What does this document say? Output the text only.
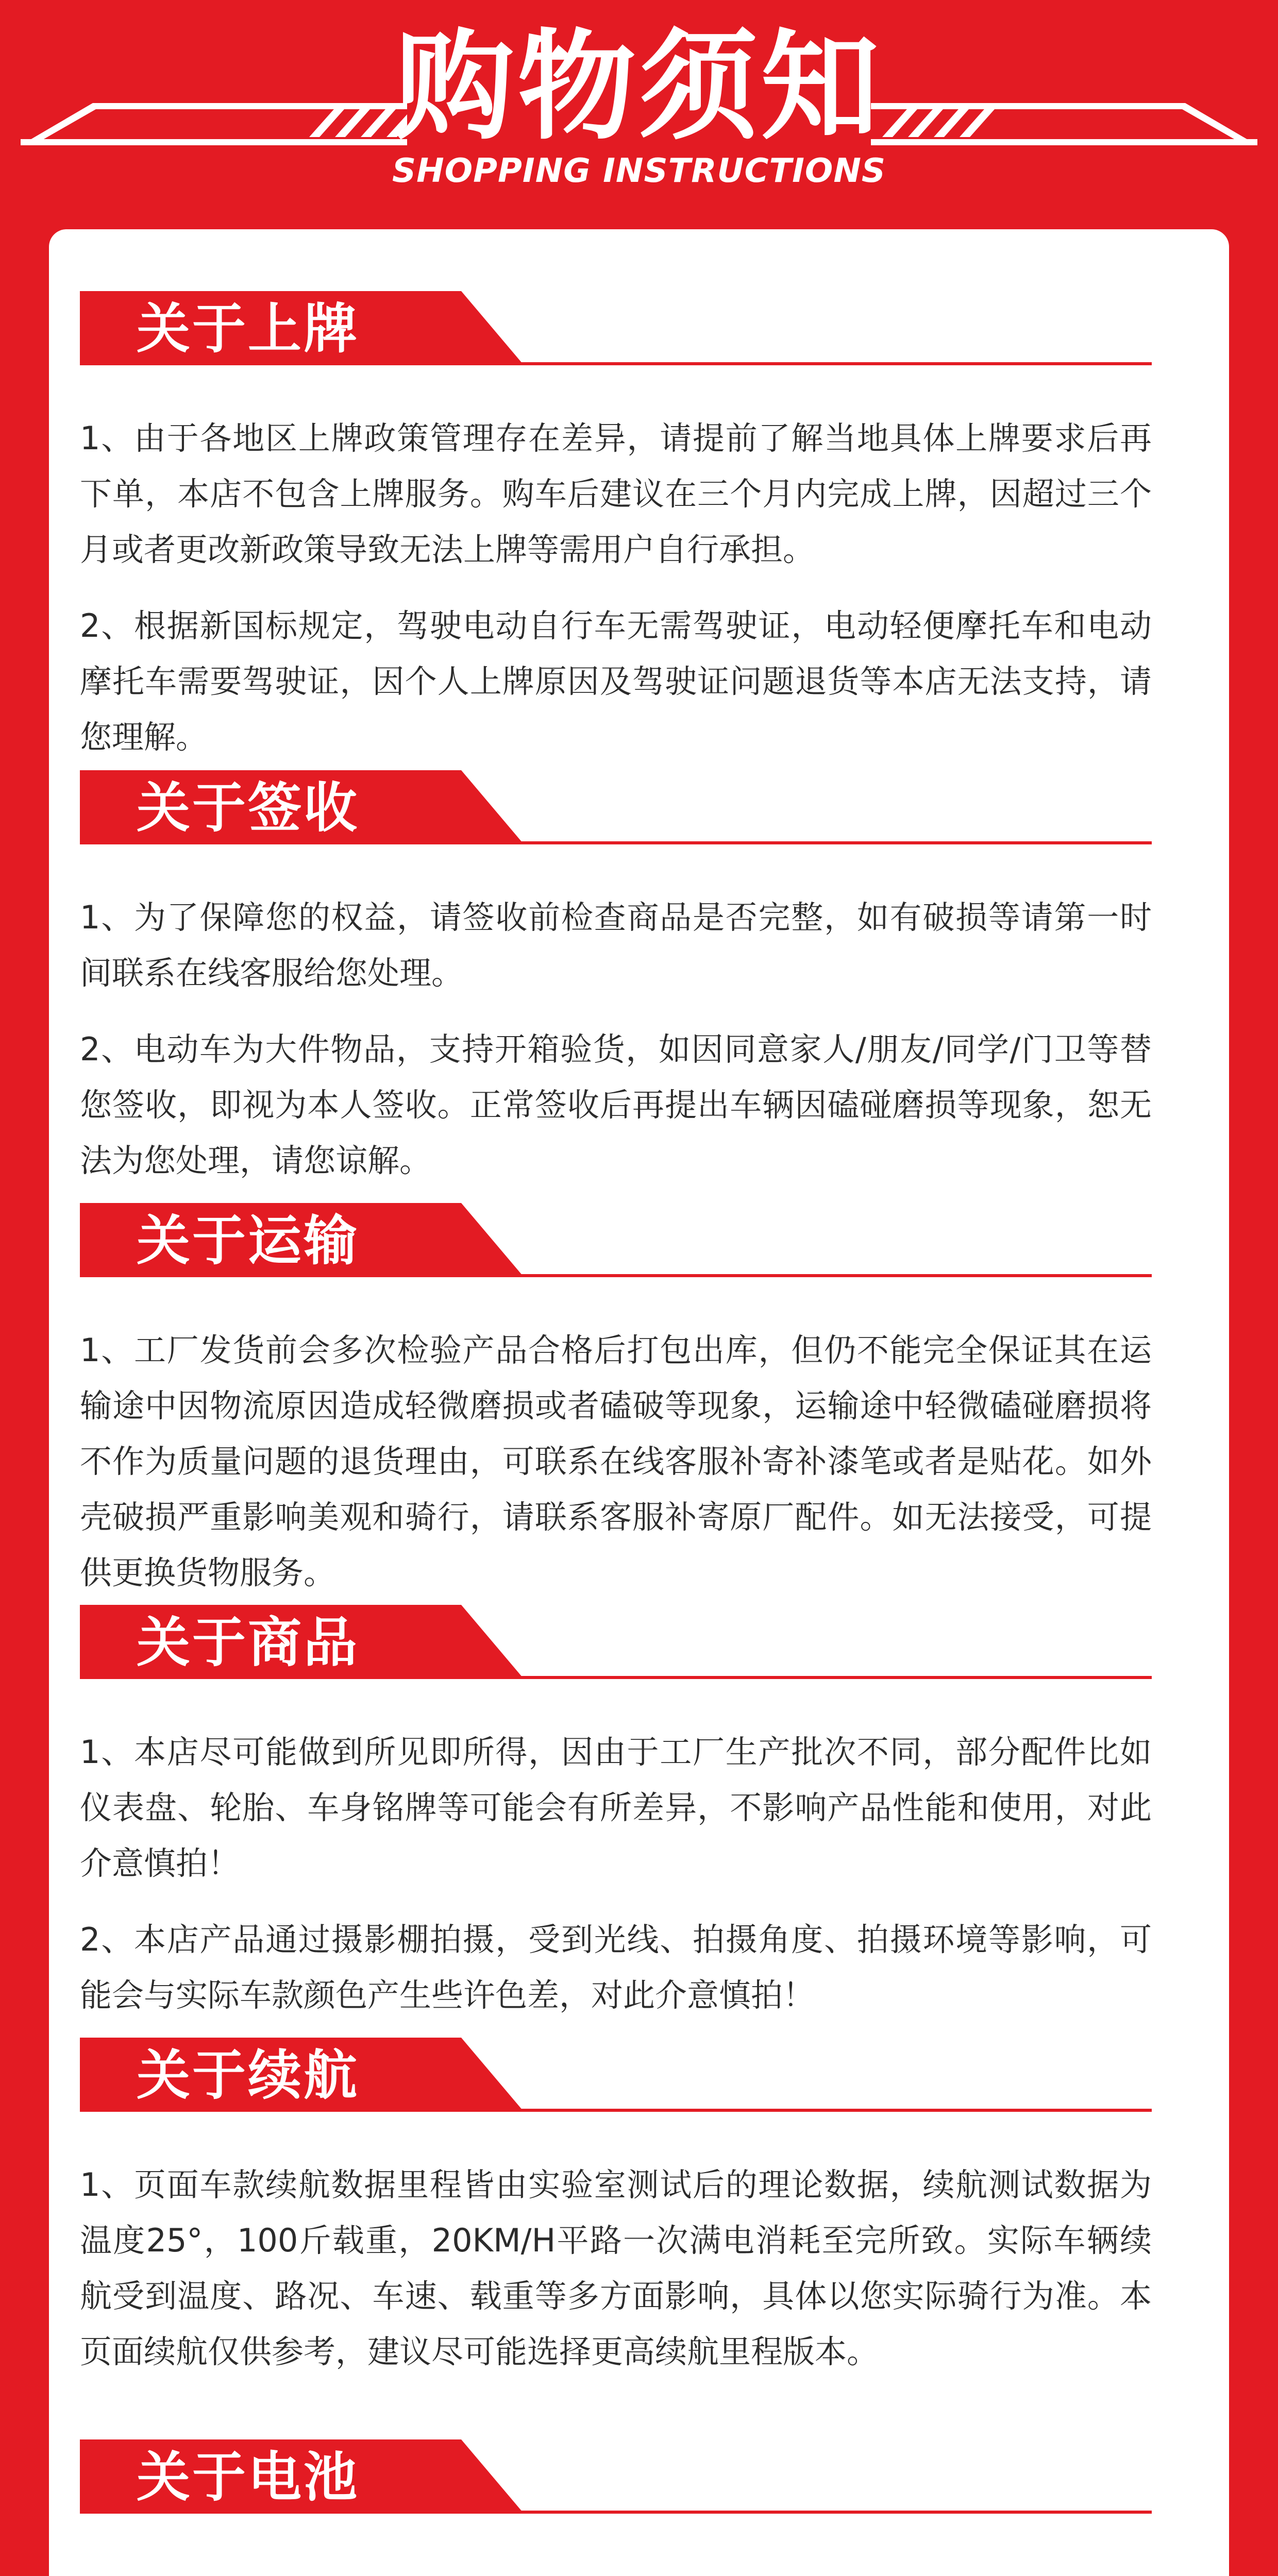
购物须知
SHOPPING INSTRUCTIONS
关于上牌

1、由于各地区上牌政策管理存在差异，请提前了解当地具体上牌要求后再下单，本店不包含上牌服务。购车后建议在三个月内完成上牌，因超过三个月或者更改新政策导致无法上牌等需用户自行承担。

2、根据新国标规定，驾驶电动自行车无需驾驶证，电动轻便摩托车和电动摩托车需要驾驶证，因个人上牌原因及驾驶证问题退货等本店无法支持，请您理解。

关于签收

1、为了保障您的权益，请签收前检查商品是否完整，如有破损等请第一时间联系在线客服给您处理。

2、电动车为大件物品，支持开箱验货，如因同意家人/朋友/同学/门卫等替您签收，即视为本人签收。正常签收后再提出车辆因磕碰磨损等现象，恕无法为您处理，请您谅解。

关于运输

1、工厂发货前会多次检验产品合格后打包出库，但仍不能完全保证其在运输途中因物流原因造成轻微磨损或者磕破等现象，运输途中轻微磕碰磨损将不作为质量问题的退货理由，可联系在线客服补寄补漆笔或者是贴花。如外壳破损严重影响美观和骑行，请联系客服补寄原厂配件。如无法接受，可提供更换货物服务。

关于商品

1、本店尽可能做到所见即所得，因由于工厂生产批次不同，部分配件比如仪表盘、轮胎、车身铭牌等可能会有所差异，不影响产品性能和使用，对此介意慎拍！

2、本店产品通过摄影棚拍摄，受到光线、拍摄角度、拍摄环境等影响，可能会与实际车款颜色产生些许色差，对此介意慎拍！

关于续航

1、页面车款续航数据里程皆由实验室测试后的理论数据，续航测试数据为温度25°，100斤载重，20KM/H平路一次满电消耗至完所致。实际车辆续航受到温度、路况、车速、载重等多方面影响，具体以您实际骑行为准。本页面续航仅供参考，建议尽可能选择更高续航里程版本。

关于电池
